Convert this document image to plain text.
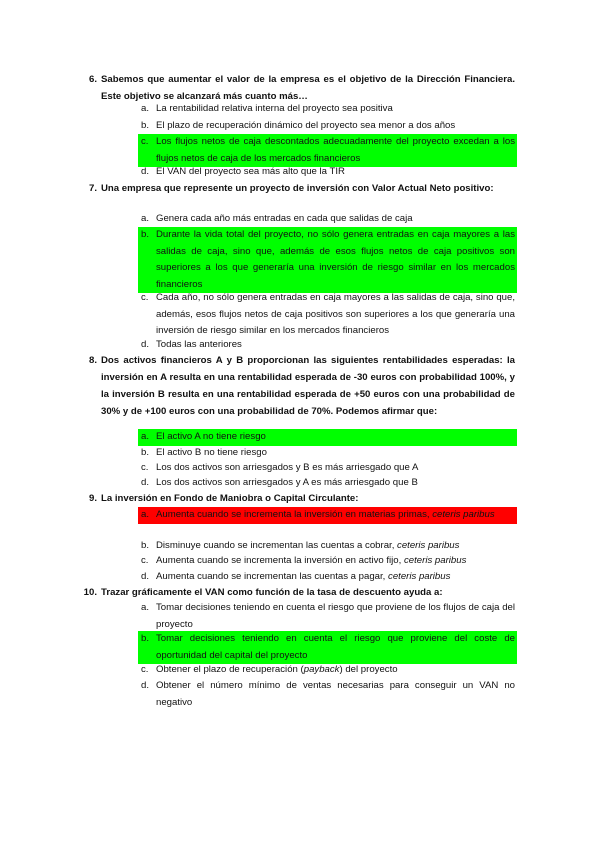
6. Sabemos que aumentar el valor de la empresa es el objetivo de la Dirección Financiera. Este objetivo se alcanzará más cuanto más…
a. La rentabilidad relativa interna del proyecto sea positiva
b. El plazo de recuperación dinámico del proyecto sea menor a dos años
c. Los flujos netos de caja descontados adecuadamente del proyecto excedan a los flujos netos de caja de los mercados financieros
d. El VAN del proyecto sea más alto que la TIR
7. Una empresa que represente un proyecto de inversión con Valor Actual Neto positivo:
a. Genera cada año más entradas en cada que salidas de caja
b. Durante la vida total del proyecto, no sólo genera entradas en caja mayores a las salidas de caja, sino que, además de esos flujos netos de caja positivos son superiores a los que generaría una inversión de riesgo similar en los mercados financieros
c. Cada año, no sólo genera entradas en caja mayores a las salidas de caja, sino que, además, esos flujos netos de caja positivos son superiores a los que generaría una inversión de riesgo similar en los mercados financieros
d. Todas las anteriores
8. Dos activos financieros A y B proporcionan las siguientes rentabilidades esperadas: la inversión en A resulta en una rentabilidad esperada de -30 euros con probabilidad 100%, y la inversión B resulta en una rentabilidad esperada de +50 euros con una probabilidad de 30% y de +100 euros con una probabilidad de 70%. Podemos afirmar que:
a. El activo A no tiene riesgo
b. El activo B no tiene riesgo
c. Los dos activos son arriesgados y B es más arriesgado que A
d. Los dos activos son arriesgados y A es más arriesgado que B
9. La inversión en Fondo de Maniobra o Capital Circulante:
a. Aumenta cuando se incrementa la inversión en materias primas, ceteris paribus
b. Disminuye cuando se incrementan las cuentas a cobrar, ceteris paribus
c. Aumenta cuando se incrementa la inversión en activo fijo, ceteris paribus
d. Aumenta cuando se incrementan las cuentas a pagar, ceteris paribus
10. Trazar gráficamente el VAN como función de la tasa de descuento ayuda a:
a. Tomar decisiones teniendo en cuenta el riesgo que proviene de los flujos de caja del proyecto
b. Tomar decisiones teniendo en cuenta el riesgo que proviene del coste de oportunidad del capital del proyecto
c. Obtener el plazo de recuperación (payback) del proyecto
d. Obtener el número mínimo de ventas necesarias para conseguir un VAN no negativo
